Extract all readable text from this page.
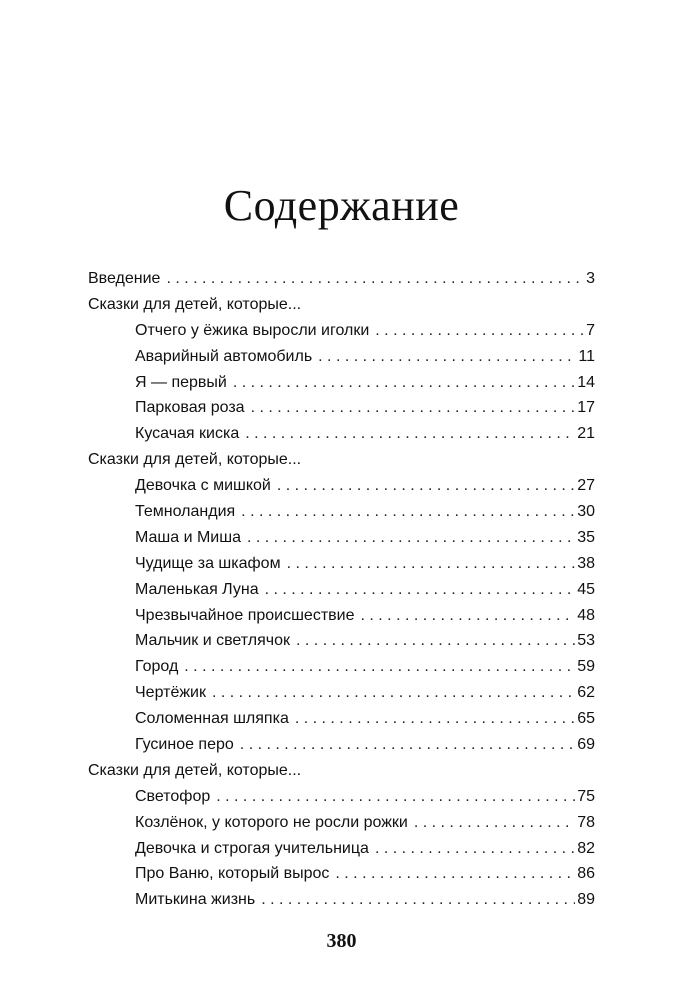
Содержание
Введение . . .	3
Сказки для детей, которые...
Отчего у ёжика выросли иголки . . .	7
Аварийный автомобиль . . .	11
Я — первый . . .	14
Парковая роза . . .	17
Кусачая киска . . .	21
Сказки для детей, которые...
Девочка с мишкой . . .	27
Темноландия . . .	30
Маша и Миша . . .	35
Чудище за шкафом . . .	38
Маленькая Луна . . .	45
Чрезвычайное происшествие . . .	48
Мальчик и светлячок . . .	53
Город . . .	59
Чертёжик . . .	62
Соломенная шляпка . . .	65
Гусиное перо . . .	69
Сказки для детей, которые...
Светофор . . .	75
Козлёнок, у которого не росли рожки . . .	78
Девочка и строгая учительница . . .	82
Про Ваню, который вырос . . .	86
Митькина жизнь . . .	89
380
